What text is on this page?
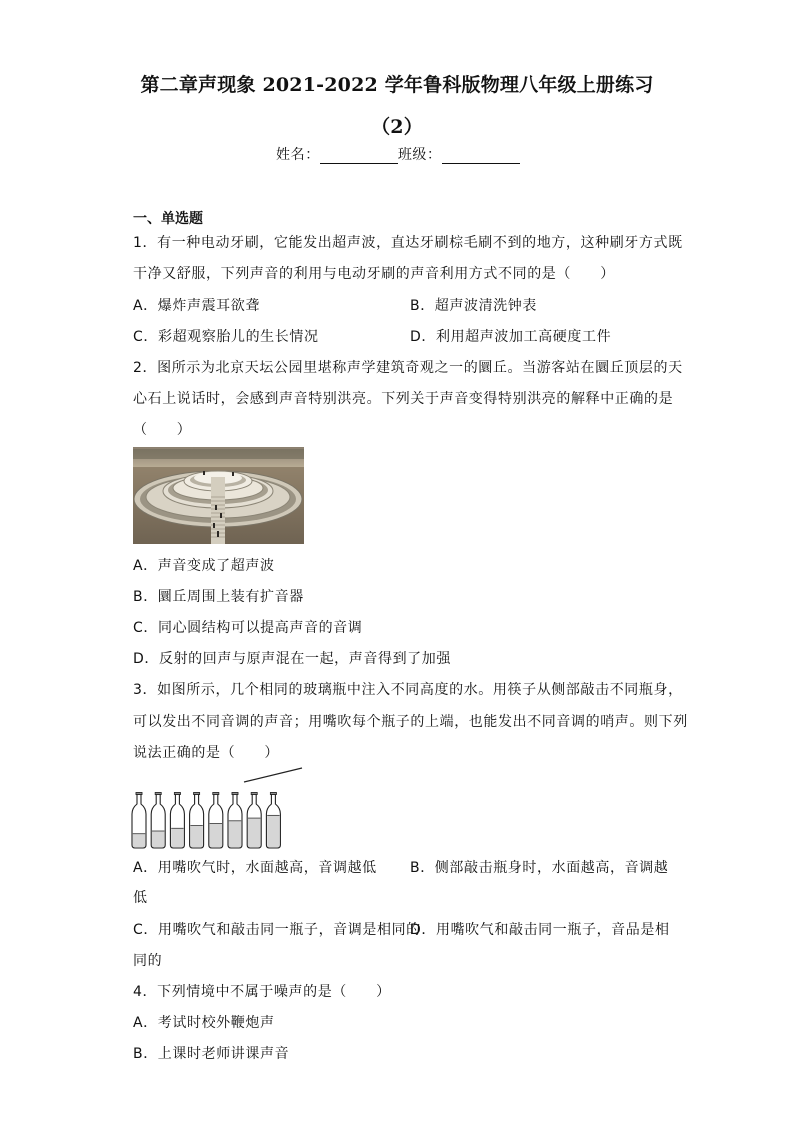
第二章声现象 2021-2022 学年鲁科版物理八年级上册练习
（2）
姓名：	班级：
一、单选题
1．有一种电动牙刷，它能发出超声波，直达牙刷棕毛刷不到的地方，这种刷牙方式既
干净又舒服，下列声音的利用与电动牙刷的声音利用方式不同的是（　　）
A．爆炸声震耳欲聋	B．超声波清洗钟表
C．彩超观察胎儿的生长情况	D．利用超声波加工高硬度工件
2．图所示为北京天坛公园里堪称声学建筑奇观之一的圜丘。当游客站在圜丘顶层的天
心石上说话时，会感到声音特别洪亮。下列关于声音变得特别洪亮的解释中正确的是
（　　）
A．声音变成了超声波
B．圜丘周围上装有扩音器
C．同心圆结构可以提高声音的音调
D．反射的回声与原声混在一起，声音得到了加强
3．如图所示，几个相同的玻璃瓶中注入不同高度的水。用筷子从侧部敲击不同瓶身，
可以发出不同音调的声音；用嘴吹每个瓶子的上端，也能发出不同音调的哨声。则下列
说法正确的是（　　）
A．用嘴吹气时，水面越高，音调越低 B．侧部敲击瓶身时，水面越高，音调越
低
C．用嘴吹气和敲击同一瓶子，音调是相同的
D．用嘴吹气和敲击同一瓶子，音品是相
同的
4．下列情境中不属于噪声的是（　　）
A．考试时校外鞭炮声
B．上课时老师讲课声音
